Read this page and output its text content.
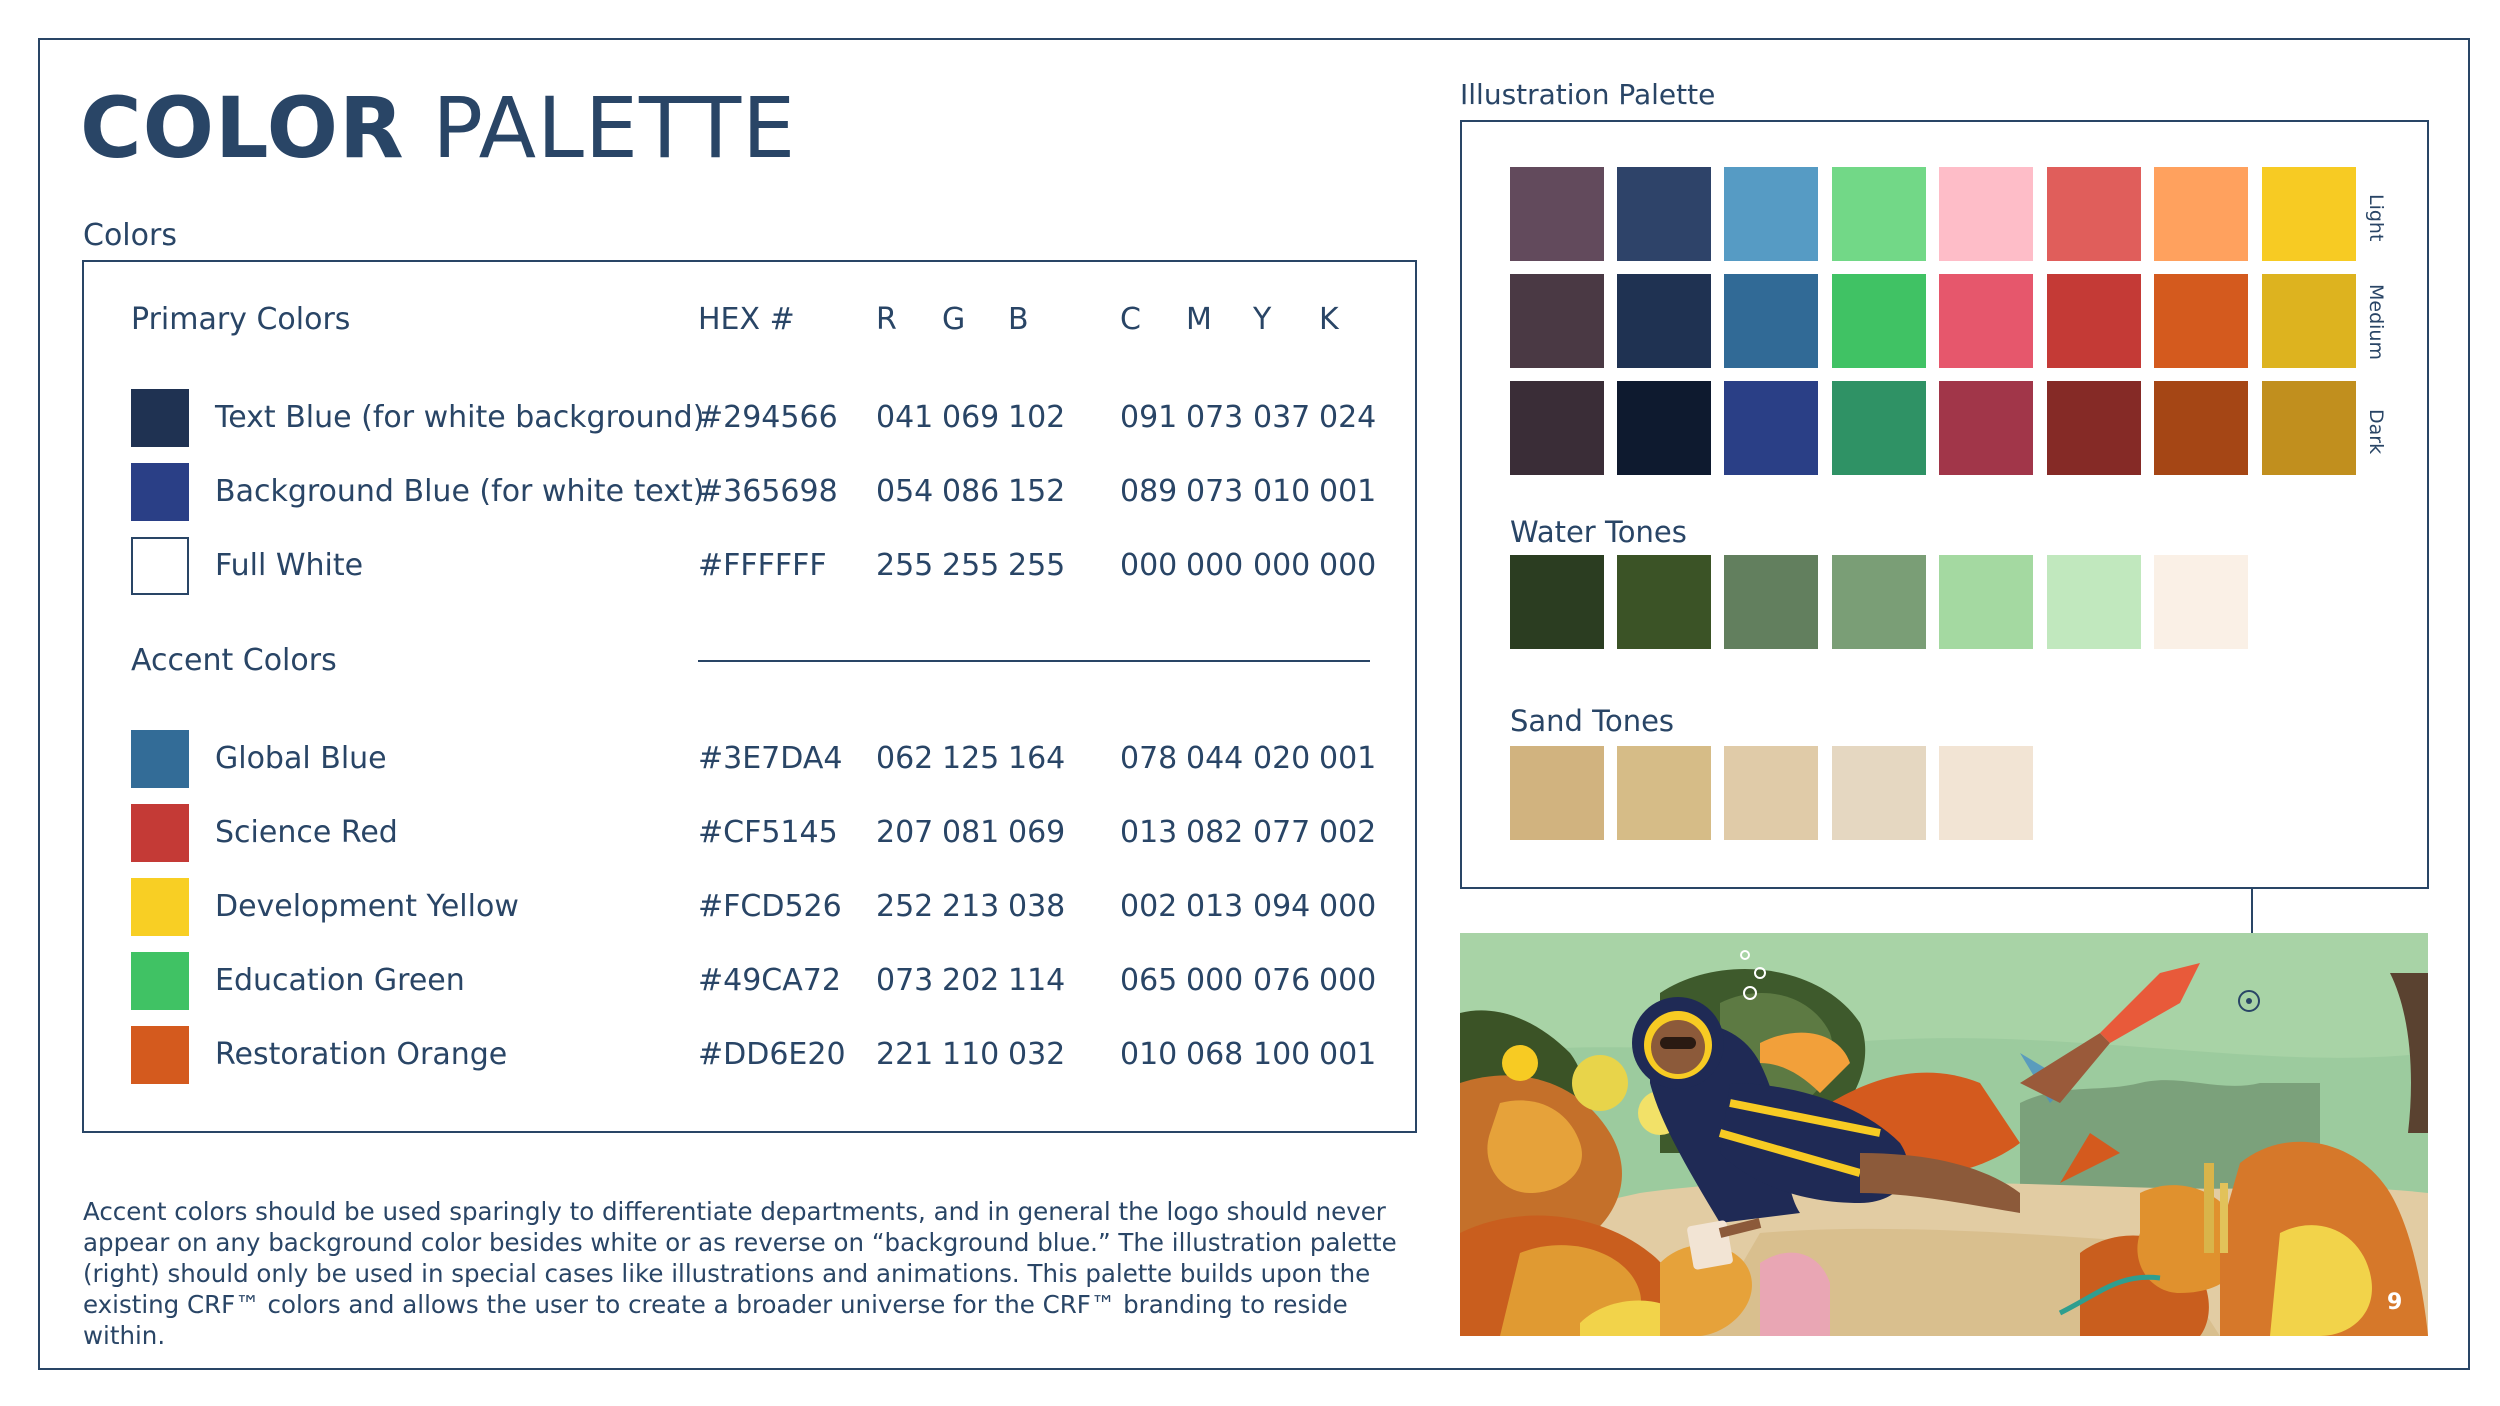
COLOR PALETTE
Colors
Primary Colors	HEX #	R G B	C M Y K
Accent Colors
Text Blue (for white background)
#294566 041 069 102 091 073 037 024
Background Blue (for white text)
#365698 054 086 152 089 073 010 001
Full White	#FFFFFF 255 255 255 000 000 000 000
Global Blue	#3E7DA4 062 125 164 078 044 020 001
Science Red	#CF5145 207 081 069 013 082 077 002
Development Yellow	#FCD526 252 213 038 002 013 094 000
Education Green	#49CA72 073 202 114 065 000 076 000
Restoration Orange	#DD6E20 221 110 032 010 068 100 001
Accent colors should be used sparingly to differentiate departments, and in general the logo should never appear on any background color besides white or as reverse on “background blue.” The illustration palette (right) should only be used in special cases like illustrations and animations. This palette builds upon the existing CRF™ colors and allows the user to create a broader universe for the CRF™ branding to reside within.
Illustration Palette
Light
Medium
Dark
Water Tones
Sand Tones
9
